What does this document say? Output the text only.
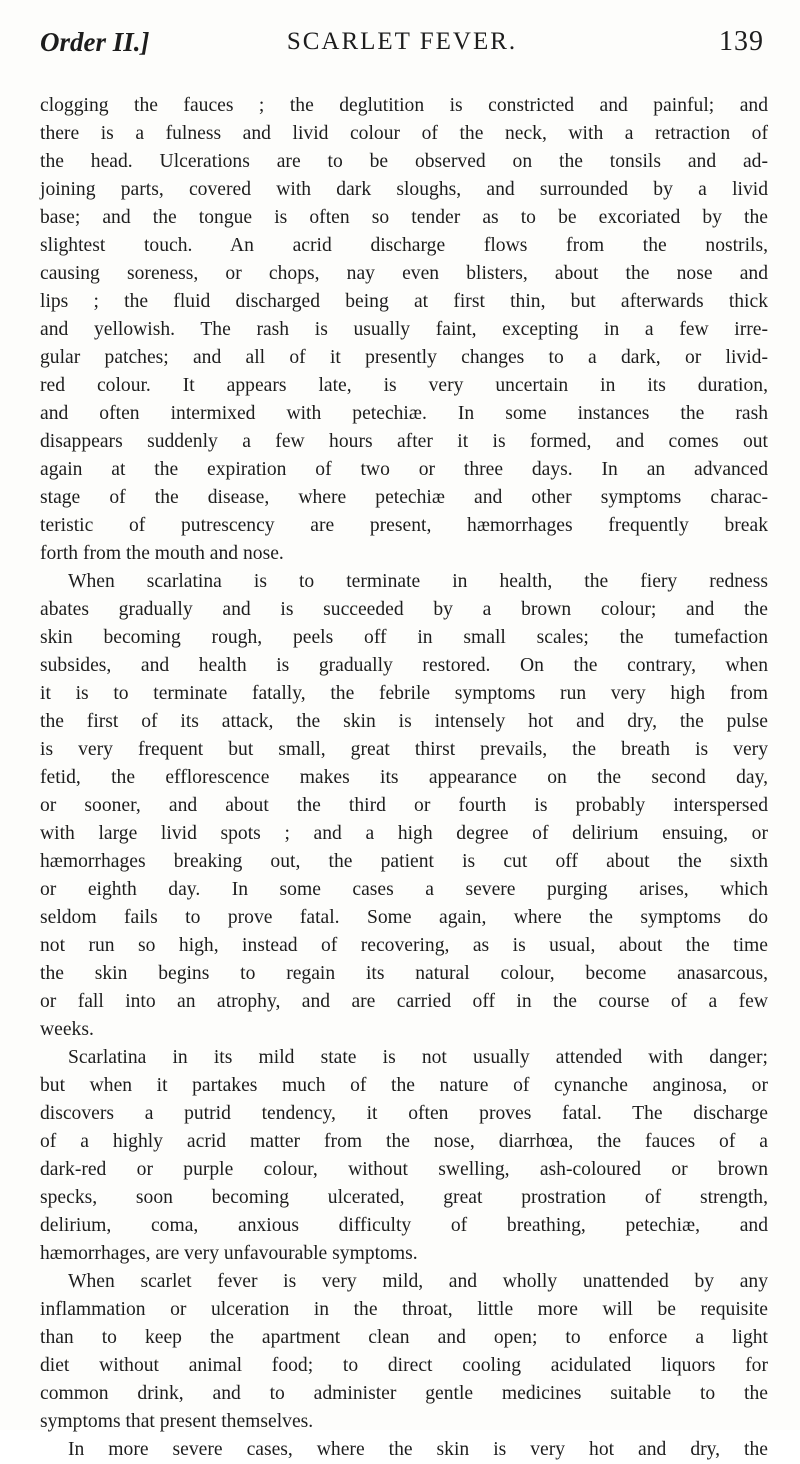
Order II.]	SCARLET FEVER.	139
clogging the fauces ; the deglutition is constricted and painful; and
there is a fulness and livid colour of the neck, with a retraction of
the head. Ulcerations are to be observed on the tonsils and ad-
joining parts, covered with dark sloughs, and surrounded by a livid
base; and the tongue is often so tender as to be excoriated by the
slightest touch. An acrid discharge flows from the nostrils,
causing soreness, or chops, nay even blisters, about the nose and
lips ; the fluid discharged being at first thin, but afterwards thick
and yellowish. The rash is usually faint, excepting in a few irre-
gular patches; and all of it presently changes to a dark, or livid-
red colour. It appears late, is very uncertain in its duration,
and often intermixed with petechiæ. In some instances the rash
disappears suddenly a few hours after it is formed, and comes out
again at the expiration of two or three days. In an advanced
stage of the disease, where petechiæ and other symptoms charac-
teristic of putrescency are present, hæmorrhages frequently break
forth from the mouth and nose.
When scarlatina is to terminate in health, the fiery redness
abates gradually and is succeeded by a brown colour; and the
skin becoming rough, peels off in small scales; the tumefaction
subsides, and health is gradually restored. On the contrary, when
it is to terminate fatally, the febrile symptoms run very high from
the first of its attack, the skin is intensely hot and dry, the pulse
is very frequent but small, great thirst prevails, the breath is very
fetid, the efflorescence makes its appearance on the second day,
or sooner, and about the third or fourth is probably interspersed
with large livid spots ; and a high degree of delirium ensuing, or
hæmorrhages breaking out, the patient is cut off about the sixth
or eighth day. In some cases a severe purging arises, which
seldom fails to prove fatal. Some again, where the symptoms do
not run so high, instead of recovering, as is usual, about the time
the skin begins to regain its natural colour, become anasarcous,
or fall into an atrophy, and are carried off in the course of a few
weeks.
Scarlatina in its mild state is not usually attended with danger;
but when it partakes much of the nature of cynanche anginosa, or
discovers a putrid tendency, it often proves fatal. The discharge
of a highly acrid matter from the nose, diarrhœa, the fauces of a
dark-red or purple colour, without swelling, ash-coloured or brown
specks, soon becoming ulcerated, great prostration of strength,
delirium, coma, anxious difficulty of breathing, petechiæ, and
hæmorrhages, are very unfavourable symptoms.
When scarlet fever is very mild, and wholly unattended by any
inflammation or ulceration in the throat, little more will be requisite
than to keep the apartment clean and open; to enforce a light
diet without animal food; to direct cooling acidulated liquors for
common drink, and to administer gentle medicines suitable to the
symptoms that present themselves.
In more severe cases, where the skin is very hot and dry, the
